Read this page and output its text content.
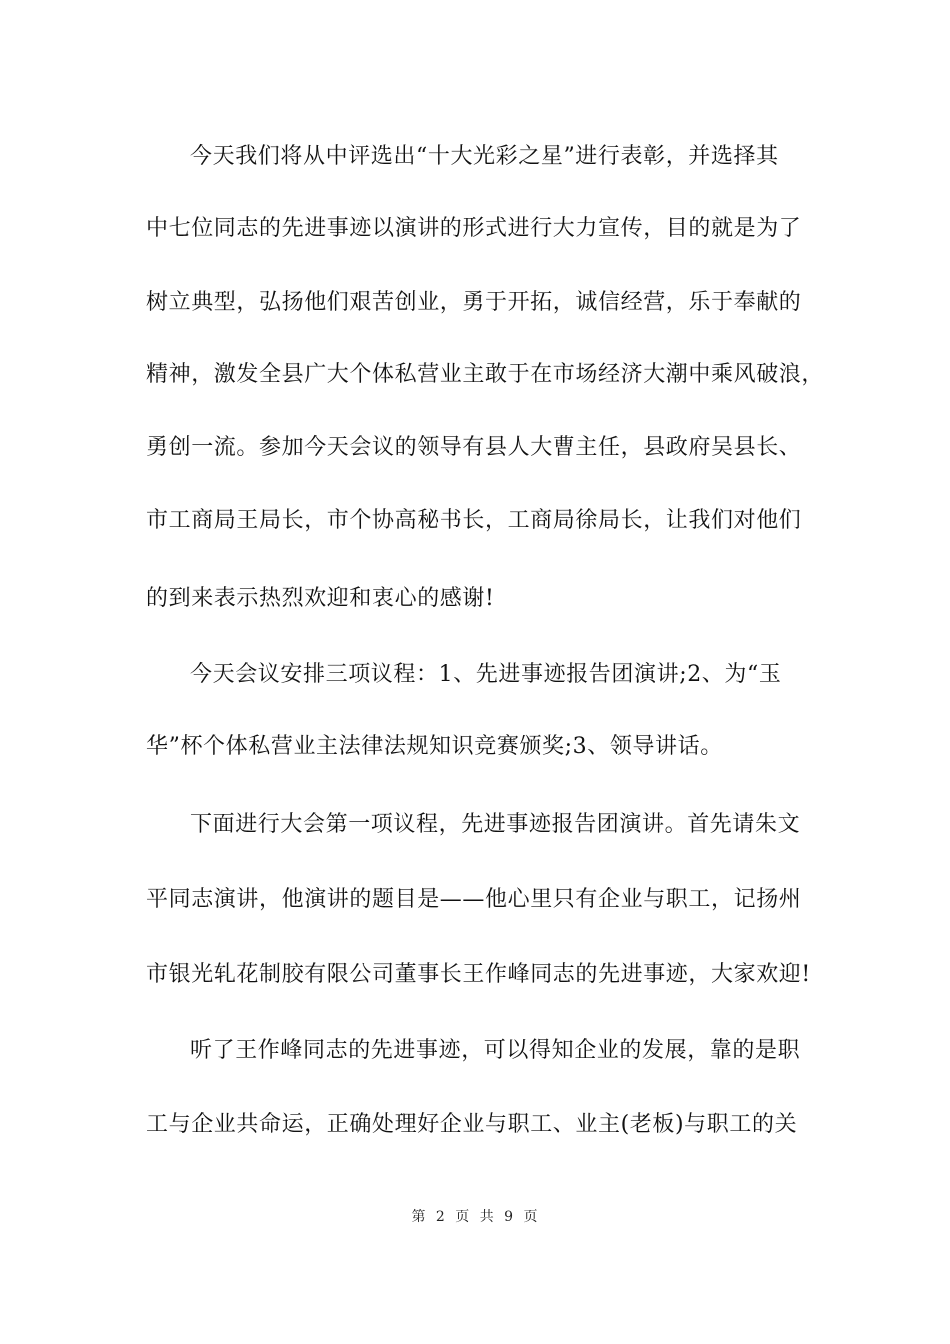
今天我们将从中评选出“十大光彩之星”进行表彰，并选择其
中七位同志的先进事迹以演讲的形式进行大力宣传，目的就是为了
树立典型，弘扬他们艰苦创业，勇于开拓，诚信经营，乐于奉献的
精神，激发全县广大个体私营业主敢于在市场经济大潮中乘风破浪，
勇创一流。参加今天会议的领导有县人大曹主任，县政府吴县长、
市工商局王局长，市个协高秘书长，工商局徐局长，让我们对他们
的到来表示热烈欢迎和衷心的感谢!
今天会议安排三项议程：1、先进事迹报告团演讲;2、为“玉
华”杯个体私营业主法律法规知识竞赛颁奖;3、领导讲话。
下面进行大会第一项议程，先进事迹报告团演讲。首先请朱文
平同志演讲，他演讲的题目是——他心里只有企业与职工，记扬州
市银光轧花制胶有限公司董事长王作峰同志的先进事迹，大家欢迎!
听了王作峰同志的先进事迹，可以得知企业的发展，靠的是职
工与企业共命运，正确处理好企业与职工、业主(老板)与职工的关
第 2 页 共 9 页
